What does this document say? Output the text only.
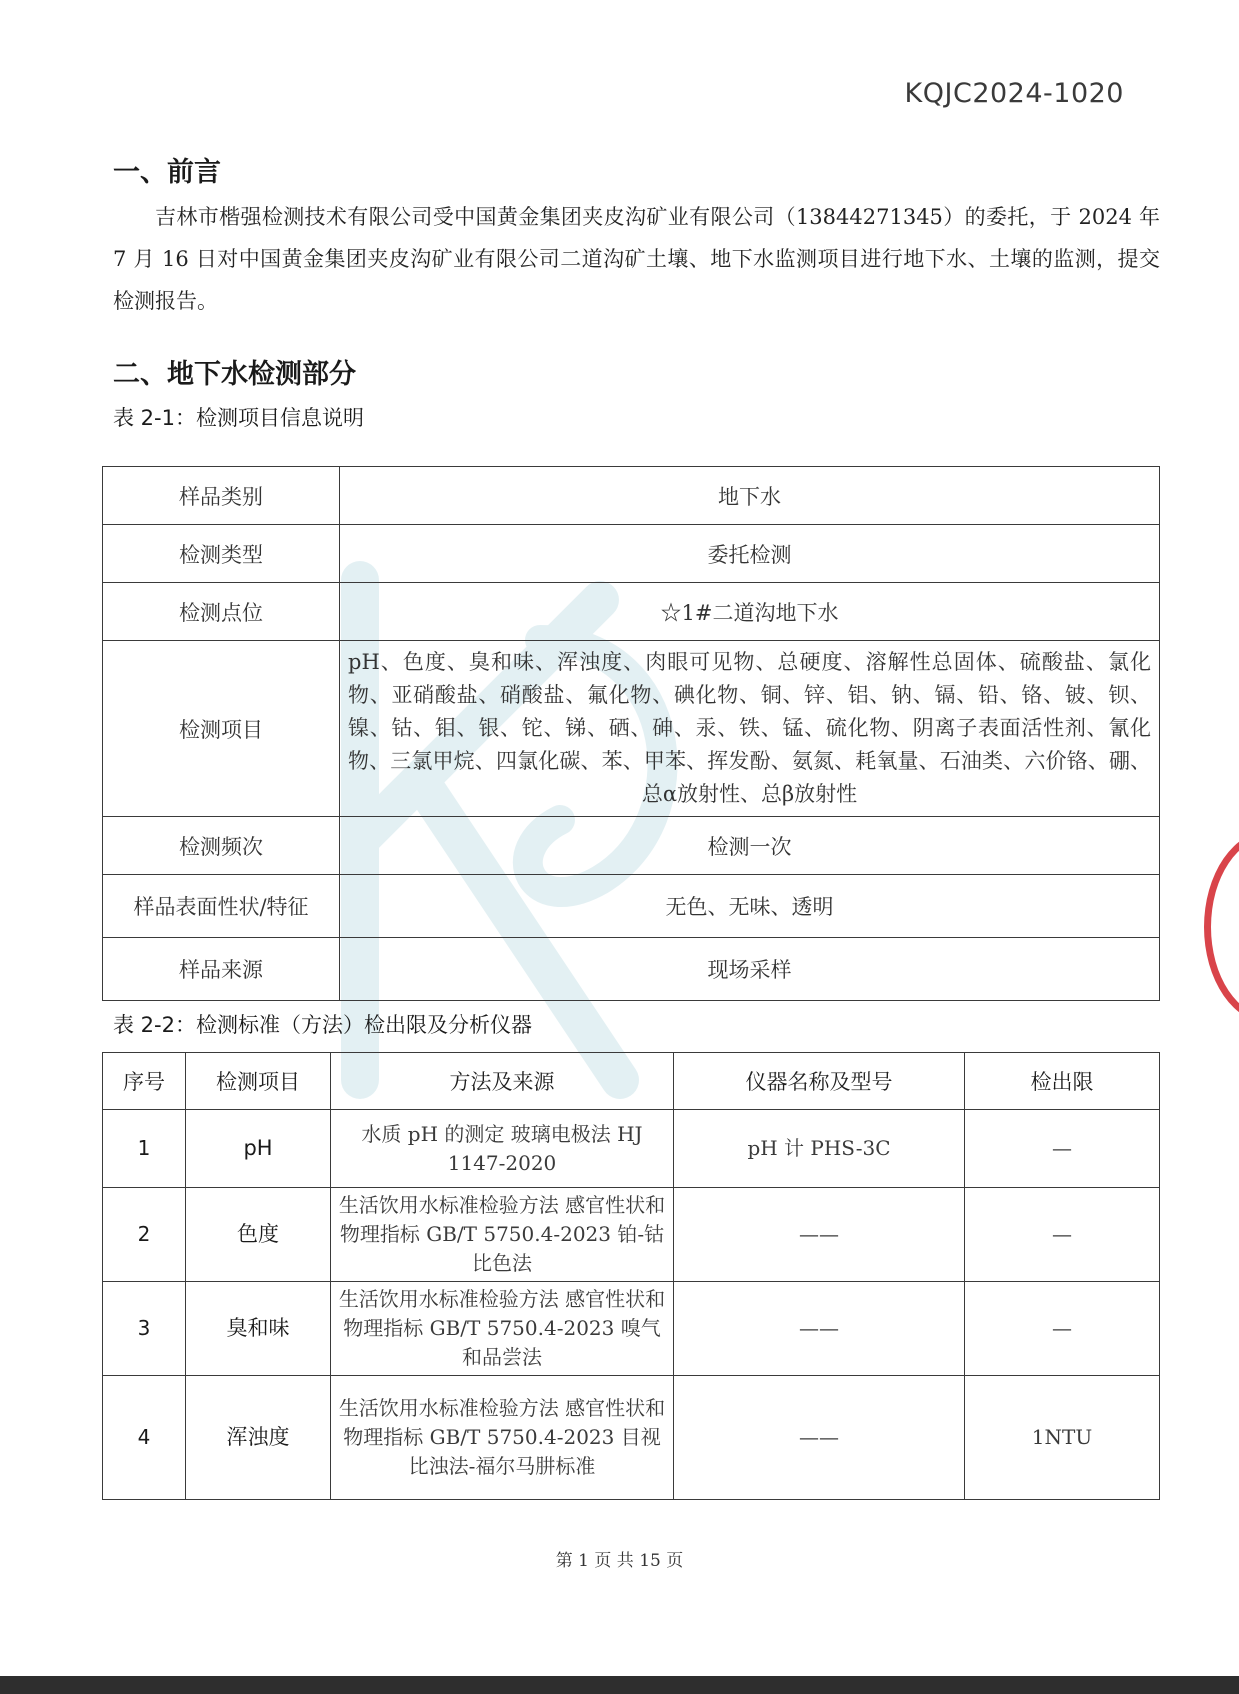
KQJC2024-1020
一、前言
吉林市楷强检测技术有限公司受中国黄金集团夹皮沟矿业有限公司（13844271345）的委托，于 2024 年 7 月 16 日对中国黄金集团夹皮沟矿业有限公司二道沟矿土壤、地下水监测项目进行地下水、土壤的监测，提交检测报告。
二、地下水检测部分
表 2-1：检测项目信息说明
样品类别	地下水
检测类型	委托检测
检测点位	☆1#二道沟地下水
检测项目	pH、色度、臭和味、浑浊度、肉眼可见物、总硬度、溶解性总固体、硫酸盐、氯化物、亚硝酸盐、硝酸盐、氟化物、碘化物、铜、锌、铝、钠、镉、铅、铬、铍、钡、镍、钴、钼、银、铊、锑、硒、砷、汞、铁、锰、硫化物、阴离子表面活性剂、氰化物、三氯甲烷、四氯化碳、苯、甲苯、挥发酚、氨氮、耗氧量、石油类、六价铬、硼、总α放射性、总β放射性
检测频次	检测一次
样品表面性状/特征	无色、无味、透明
样品来源	现场采样
表 2-2：检测标准（方法）检出限及分析仪器
序号	检测项目	方法及来源	仪器名称及型号	检出限
1	pH	水质 pH 的测定 玻璃电极法 HJ　1147-2020	pH 计 PHS-3C	—
2	色度	生活饮用水标准检验方法 感官性状和物理指标 GB/T 5750.4-2023 铂-钴比色法	——	—
3	臭和味	生活饮用水标准检验方法 感官性状和物理指标 GB/T 5750.4-2023 嗅气和品尝法	——	—
4	浑浊度	生活饮用水标准检验方法 感官性状和物理指标 GB/T 5750.4-2023 目视比浊法-福尔马肼标准	——	1NTU
第 1 页 共 15 页
